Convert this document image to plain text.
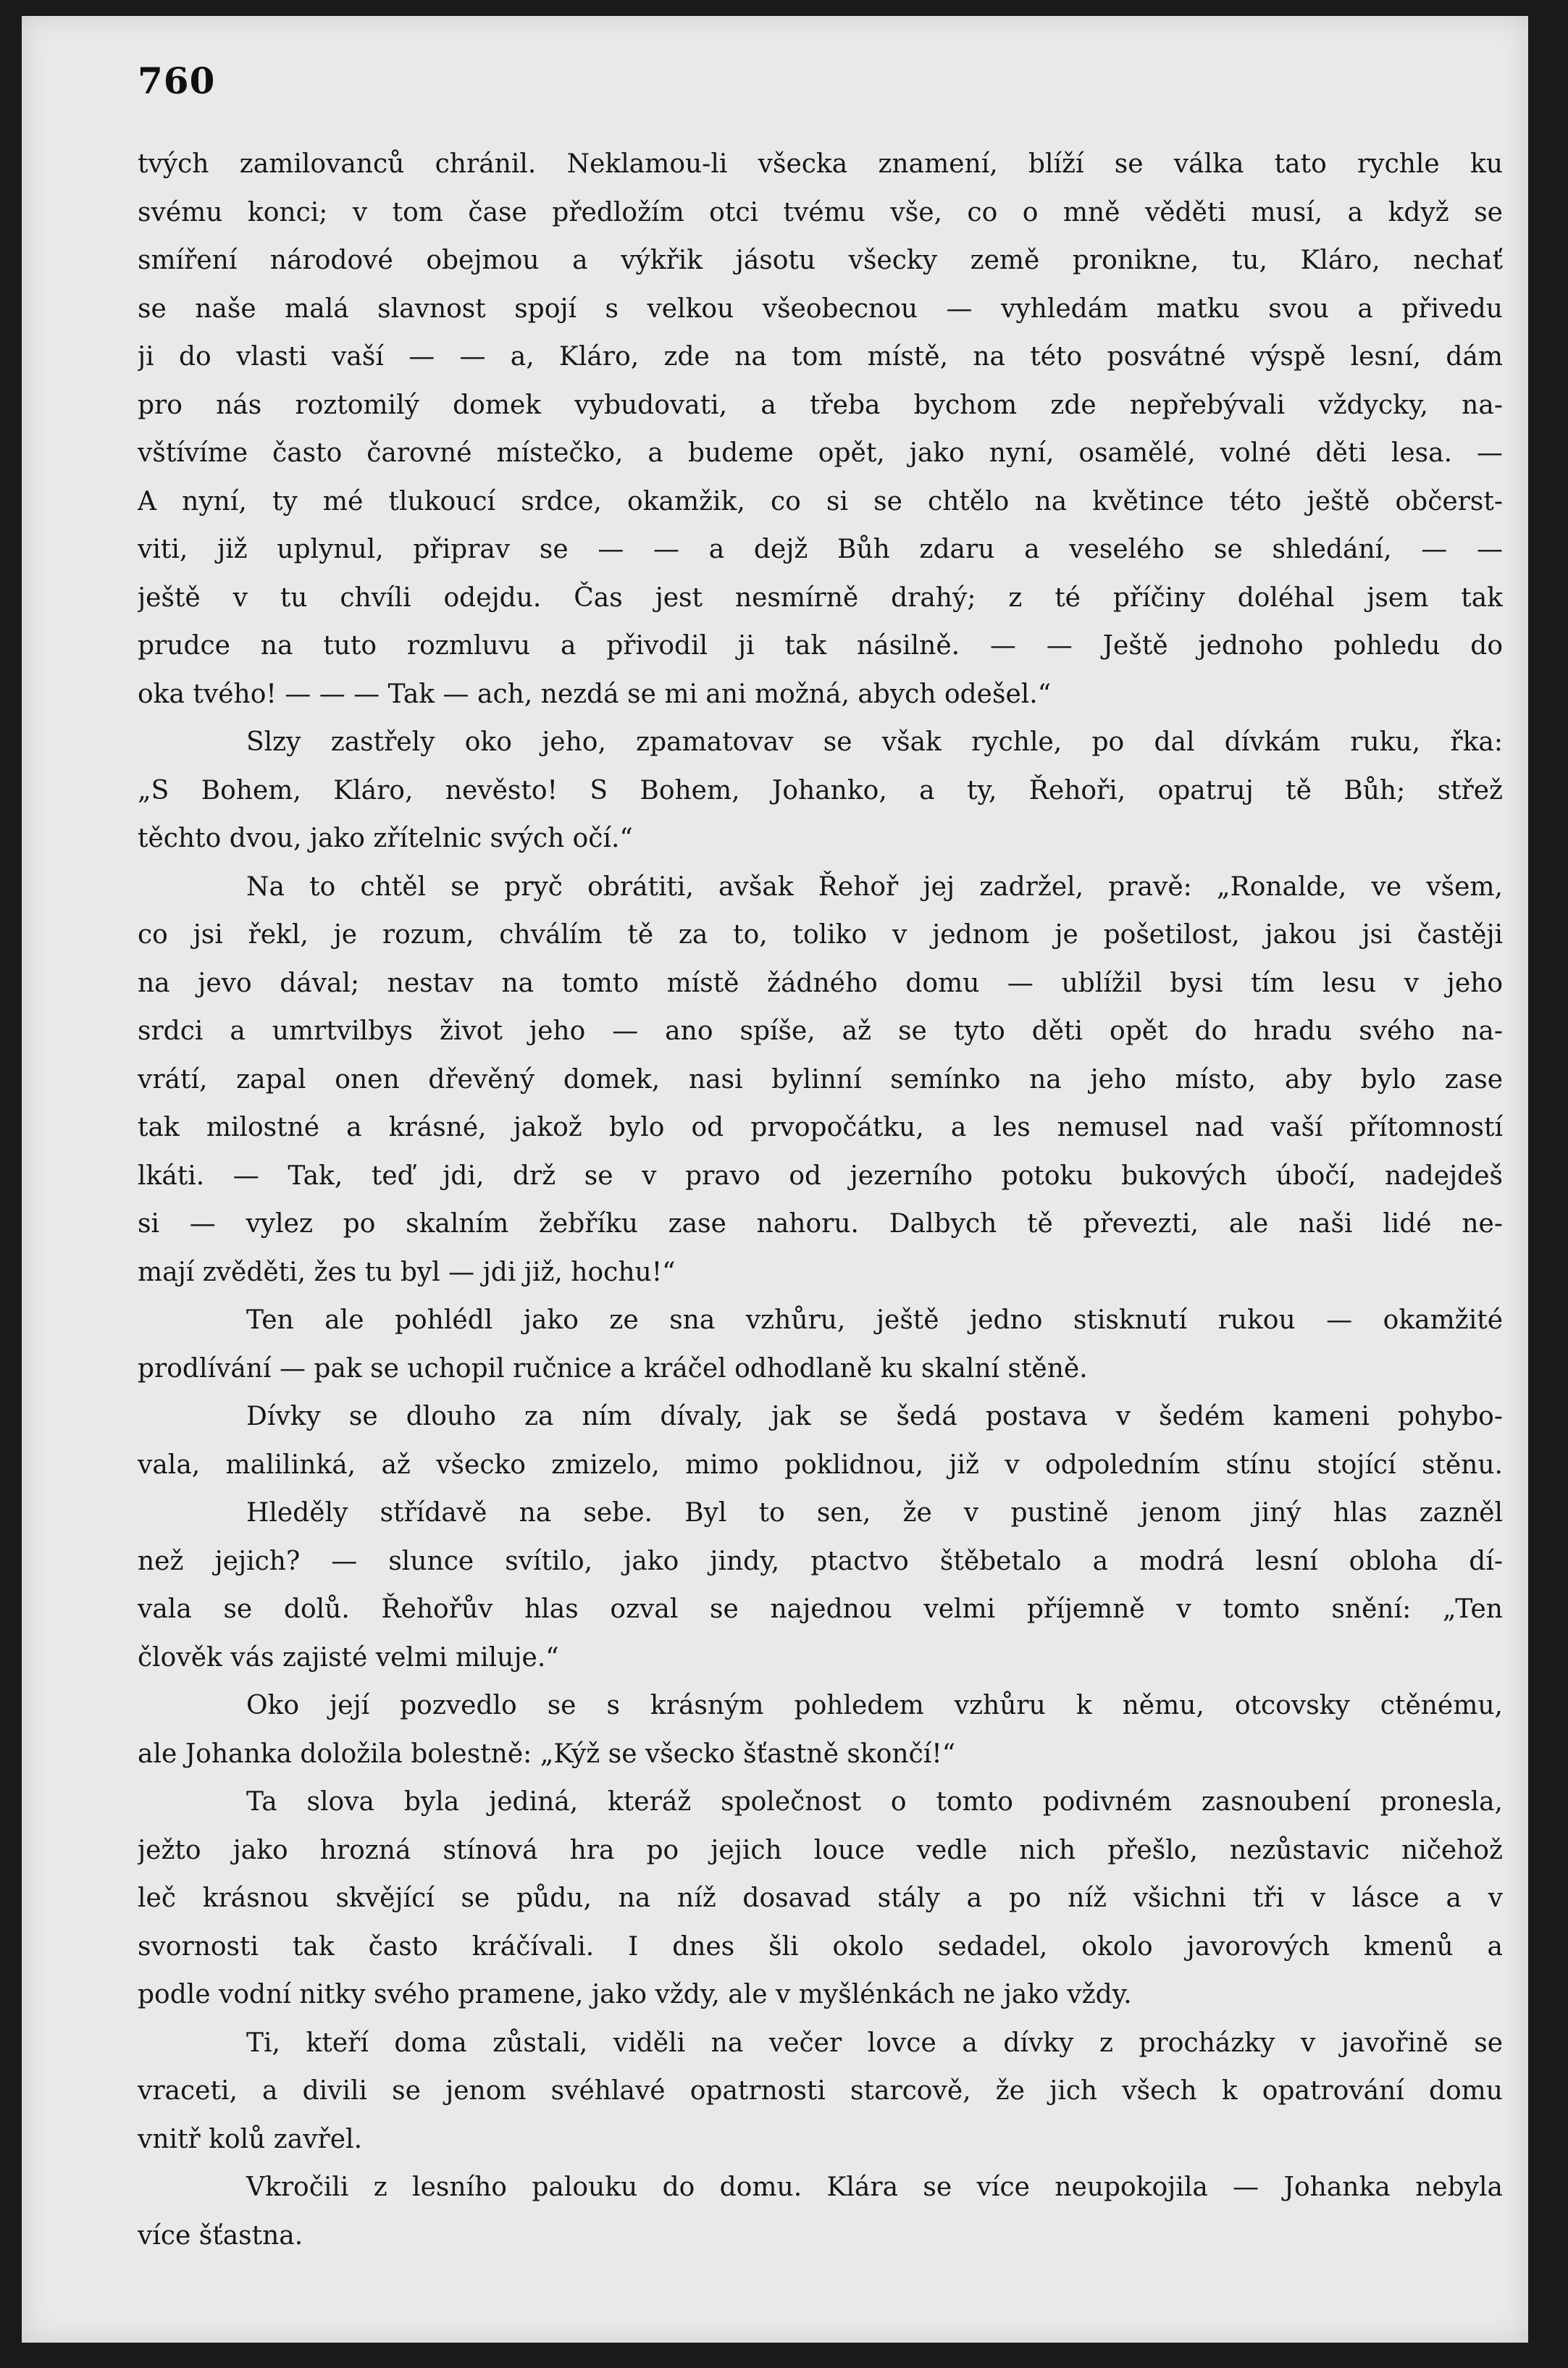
760
tvých zamilovanců chránil. Neklamou-li všecka znamení, blíží se válka tato rychle ku
svému konci; v tom čase předložím otci tvému vše, co o mně věděti musí, a když se
smíření národové obejmou a výkřik jásotu všecky země pronikne, tu, Kláro, nechať
se naše malá slavnost spojí s velkou všeobecnou — vyhledám matku svou a přivedu
ji do vlasti vaší — — a, Kláro, zde na tom místě, na této posvátné výspě lesní, dám
pro nás roztomilý domek vybudovati, a třeba bychom zde nepřebývali vždycky, na-
vštívíme často čarovné místečko, a budeme opět, jako nyní, osamělé, volné děti lesa. —
A nyní, ty mé tlukoucí srdce, okamžik, co si se chtělo na květince této ještě občerst-
viti, již uplynul, připrav se — — a dejž Bůh zdaru a veselého se shledání, — —
ještě v tu chvíli odejdu. Čas jest nesmírně drahý; z té příčiny doléhal jsem tak
prudce na tuto rozmluvu a přivodil ji tak násilně. — — Ještě jednoho pohledu do
oka tvého! — — — Tak — ach, nezdá se mi ani možná, abych odešel.“
Slzy zastřely oko jeho, zpamatovav se však rychle, po dal dívkám ruku, řka:
„S Bohem, Kláro, nevěsto! S Bohem, Johanko, a ty, Řehoři, opatruj tě Bůh; střež
těchto dvou, jako zřítelnic svých očí.“
Na to chtěl se pryč obrátiti, avšak Řehoř jej zadržel, pravě: „Ronalde, ve všem,
co jsi řekl, je rozum, chválím tě za to, toliko v jednom je pošetilost, jakou jsi častěji
na jevo dával; nestav na tomto místě žádného domu — ublížil bysi tím lesu v jeho
srdci a umrtvilbys život jeho — ano spíše, až se tyto děti opět do hradu svého na-
vrátí, zapal onen dřevěný domek, nasi bylinní semínko na jeho místo, aby bylo zase
tak milostné a krásné, jakož bylo od prvopočátku, a les nemusel nad vaší přítomností
lkáti. — Tak, teď jdi, drž se v pravo od jezerního potoku bukových úbočí, nadejdeš
si — vylez po skalním žebříku zase nahoru. Dalbych tě převezti, ale naši lidé ne-
mají zvěděti, žes tu byl — jdi již, hochu!“
Ten ale pohlédl jako ze sna vzhůru, ještě jedno stisknutí rukou — okamžité
prodlívání — pak se uchopil ručnice a kráčel odhodlaně ku skalní stěně.
Dívky se dlouho za ním dívaly, jak se šedá postava v šedém kameni pohybo-
vala, malilinká, až všecko zmizelo, mimo poklidnou, již v odpoledním stínu stojící stěnu.
Hleděly střídavě na sebe. Byl to sen, že v pustině jenom jiný hlas zazněl
než jejich? — slunce svítilo, jako jindy, ptactvo štěbetalo a modrá lesní obloha dí-
vala se dolů. Řehořův hlas ozval se najednou velmi příjemně v tomto snění: „Ten
člověk vás zajisté velmi miluje.“
Oko její pozvedlo se s krásným pohledem vzhůru k němu, otcovsky ctěnému,
ale Johanka doložila bolestně: „Kýž se všecko šťastně skončí!“
Ta slova byla jediná, kteráž společnost o tomto podivném zasnoubení pronesla,
ježto jako hrozná stínová hra po jejich louce vedle nich přešlo, nezůstavic ničehož
leč krásnou skvějící se půdu, na níž dosavad stály a po níž všichni tři v lásce a v
svornosti tak často kráčívali. I dnes šli okolo sedadel, okolo javorových kmenů a
podle vodní nitky svého pramene, jako vždy, ale v myšlénkách ne jako vždy.
Ti, kteří doma zůstali, viděli na večer lovce a dívky z procházky v javořině se
vraceti, a divili se jenom svéhlavé opatrnosti starcově, že jich všech k opatrování domu
vnitř kolů zavřel.
Vkročili z lesního palouku do domu. Klára se více neupokojila — Johanka nebyla
více šťastna.
